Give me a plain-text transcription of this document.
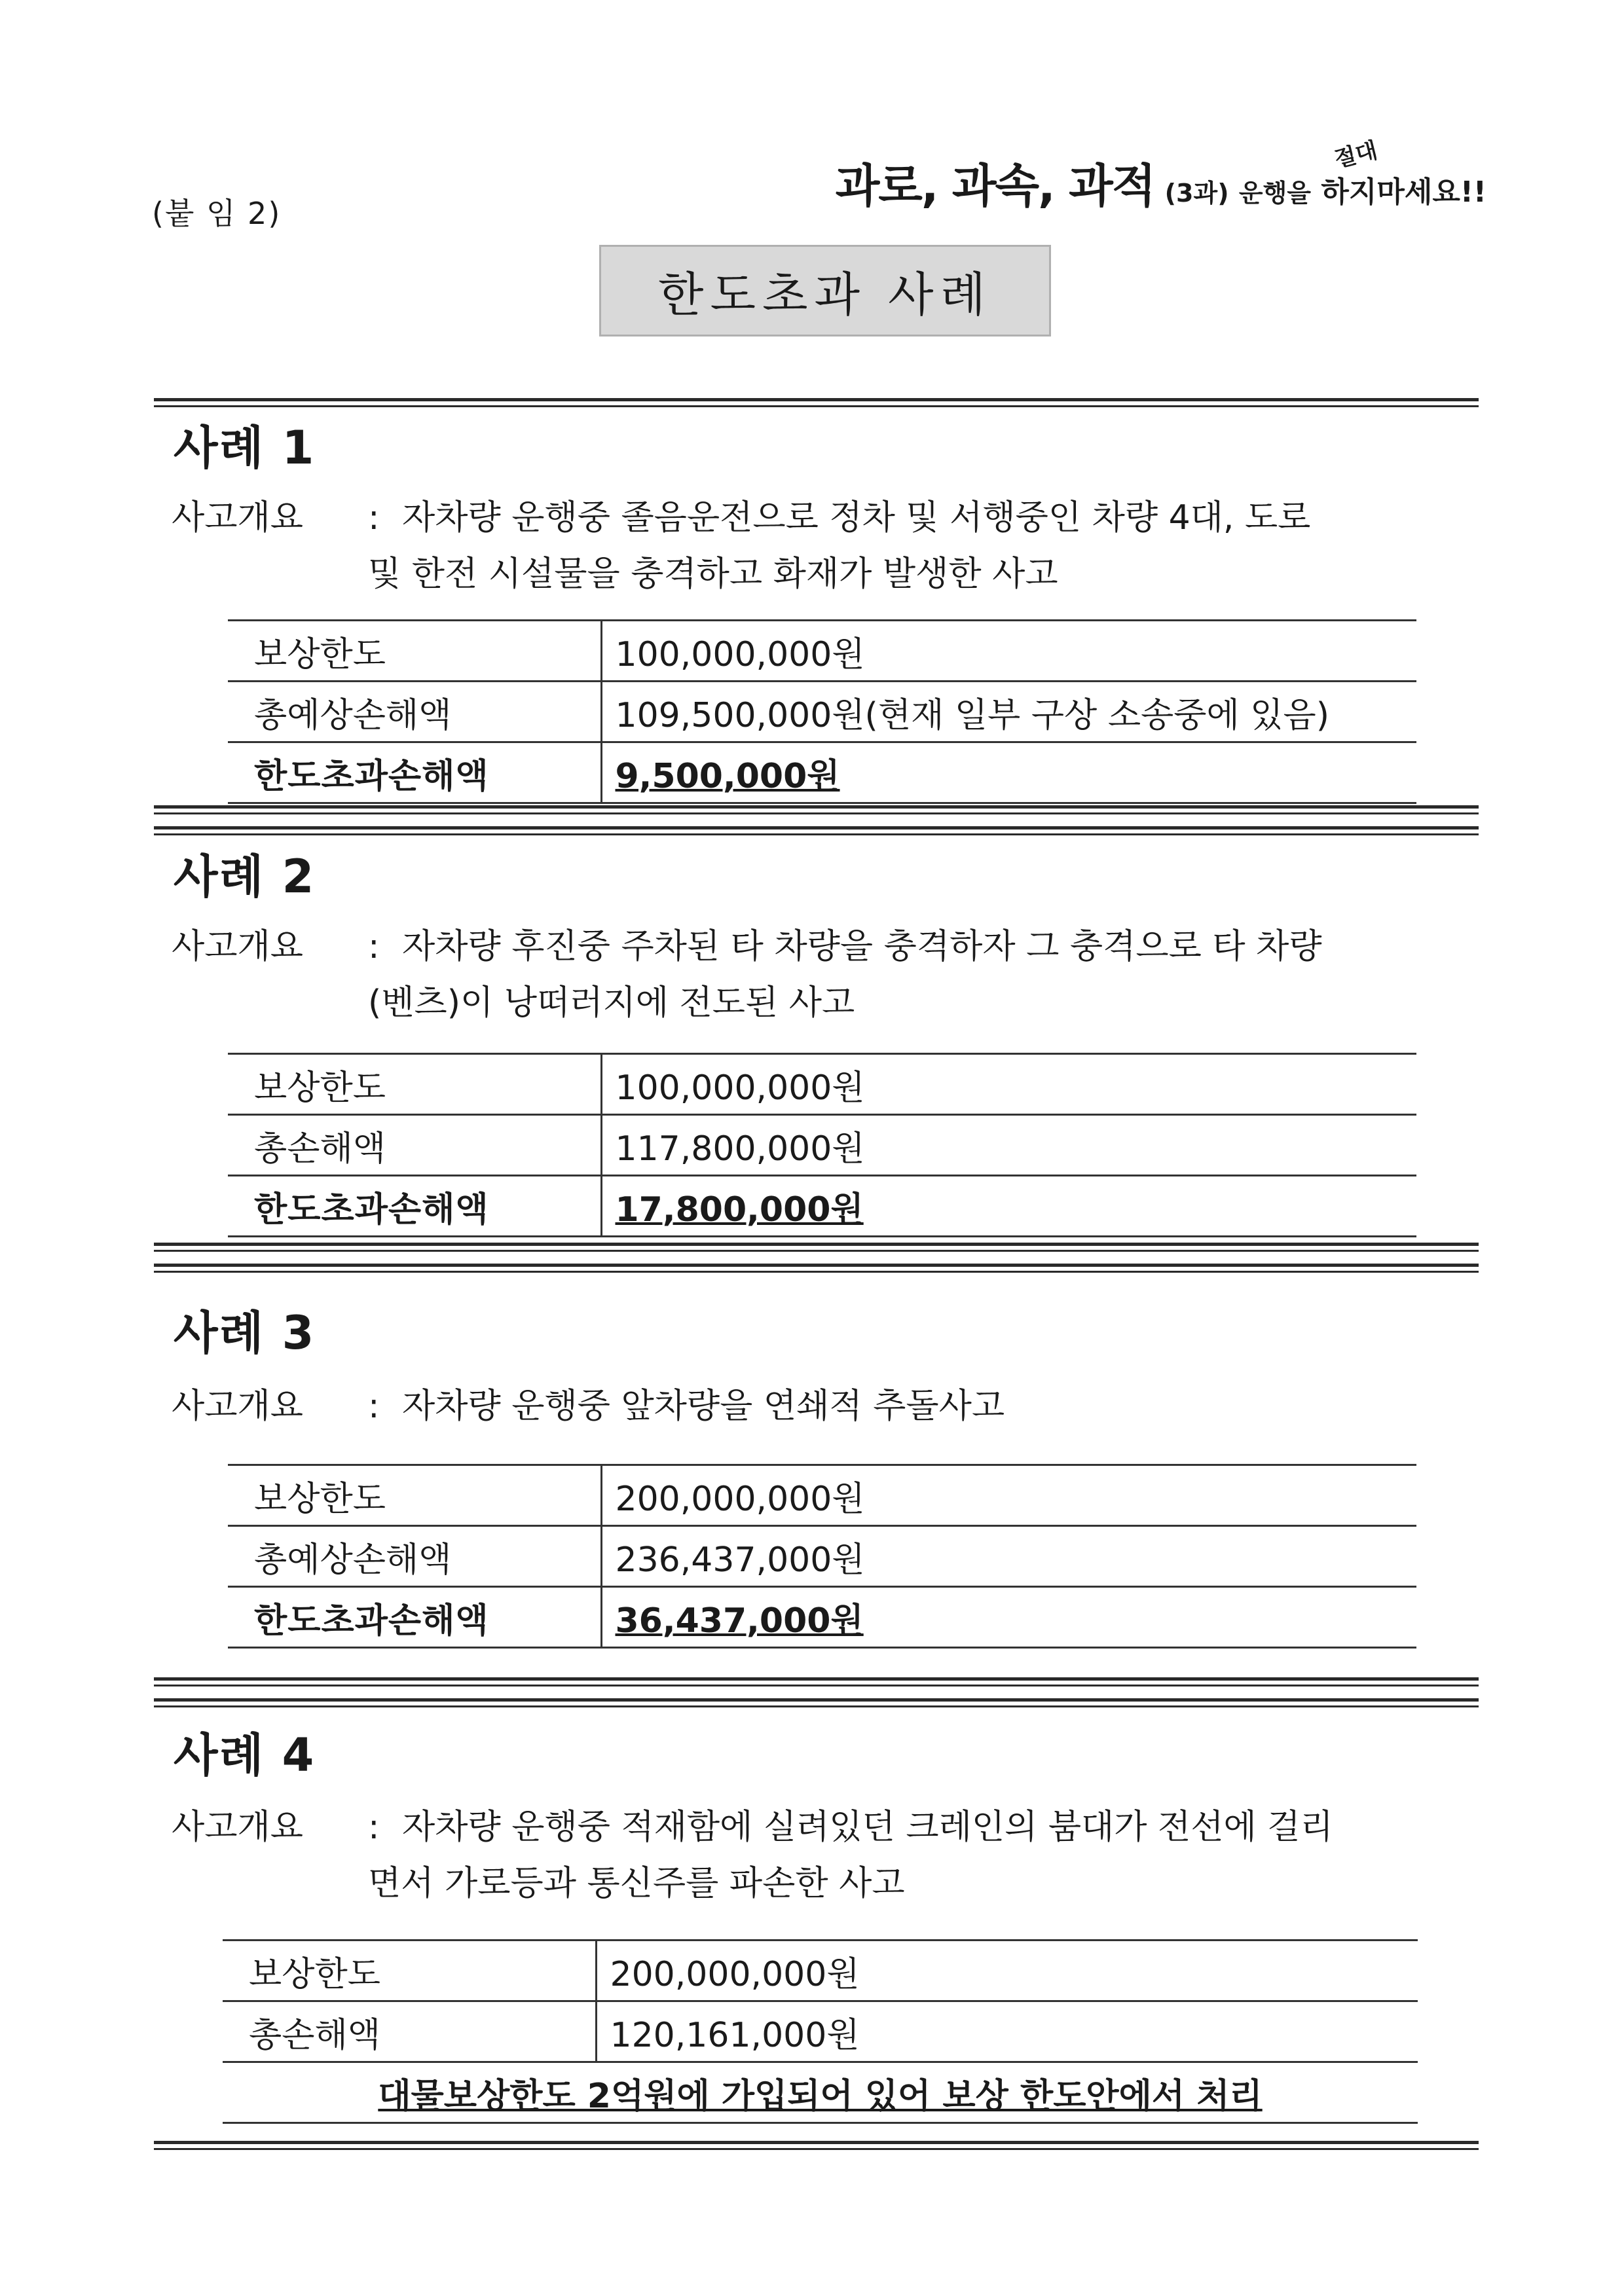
(붙 임 2)
과로, 과속, 과적 (3과) 운행을
절대
하지마세요!!
한도초과 사례
사례 1
사고개요 : 자차량 운행중 졸음운전으로 정차 및 서행중인 차량 4대, 도로
및 한전 시설물을 충격하고 화재가 발생한 사고
보상한도	100,000,000원
총예상손해액	109,500,000원(현재 일부 구상 소송중에 있음)
한도초과손해액	9,500,000원
사례 2
사고개요 : 자차량 후진중 주차된 타 차량을 충격하자 그 충격으로 타 차량
(벤츠)이 낭떠러지에 전도된 사고
보상한도	100,000,000원
총손해액	117,800,000원
한도초과손해액	17,800,000원
사례 3
사고개요 : 자차량 운행중 앞차량을 연쇄적 추돌사고
보상한도	200,000,000원
총예상손해액	236,437,000원
한도초과손해액	36,437,000원
사례 4
사고개요 : 자차량 운행중 적재함에 실려있던 크레인의 붐대가 전선에 걸리
면서 가로등과 통신주를 파손한 사고
보상한도	200,000,000원
총손해액	120,161,000원
대물보상한도 2억원에 가입되어 있어 보상 한도안에서 처리	
